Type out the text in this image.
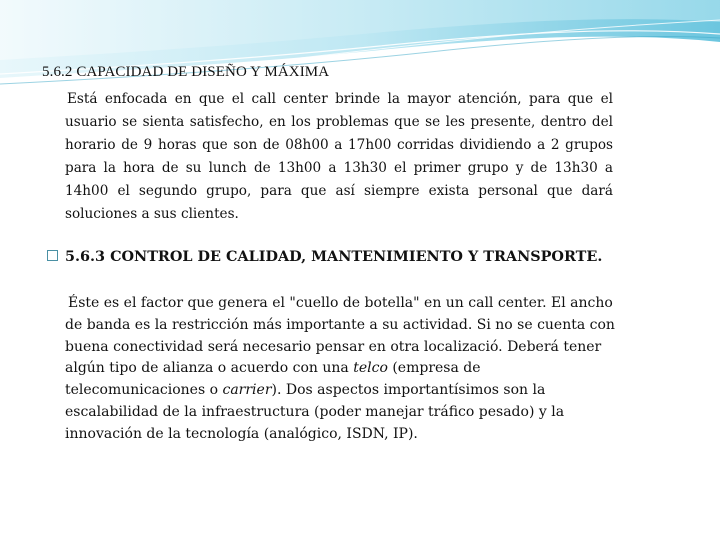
5.6.2 CAPACIDAD DE DISEÑO Y MÁXIMA

Está enfocada en que el call center brinde la mayor atención, para que el usuario se sienta satisfecho, en los problemas que se les presente, dentro del horario de 9 horas que son de 08h00 a 17h00 corridas dividiendo a 2 grupos para la hora de su lunch de 13h00 a 13h30 el primer grupo y de 13h30 a 14h00 el segundo grupo, para que así siempre exista personal que dará soluciones a sus clientes.

5.6.3 CONTROL DE CALIDAD, MANTENIMIENTO Y TRANSPORTE.

Éste es el factor que genera el "cuello de botella" en un call center. El ancho de banda es la restricción más importante a su actividad. Si no se cuenta con buena conectividad será necesario pensar en otra localizació. Deberá tener algún tipo de alianza o acuerdo con una telco (empresa de telecomunicaciones o carrier). Dos aspectos importantísimos son la escalabilidad de la infraestructura (poder manejar tráfico pesado) y la innovación de la tecnología (analógico, ISDN, IP).
